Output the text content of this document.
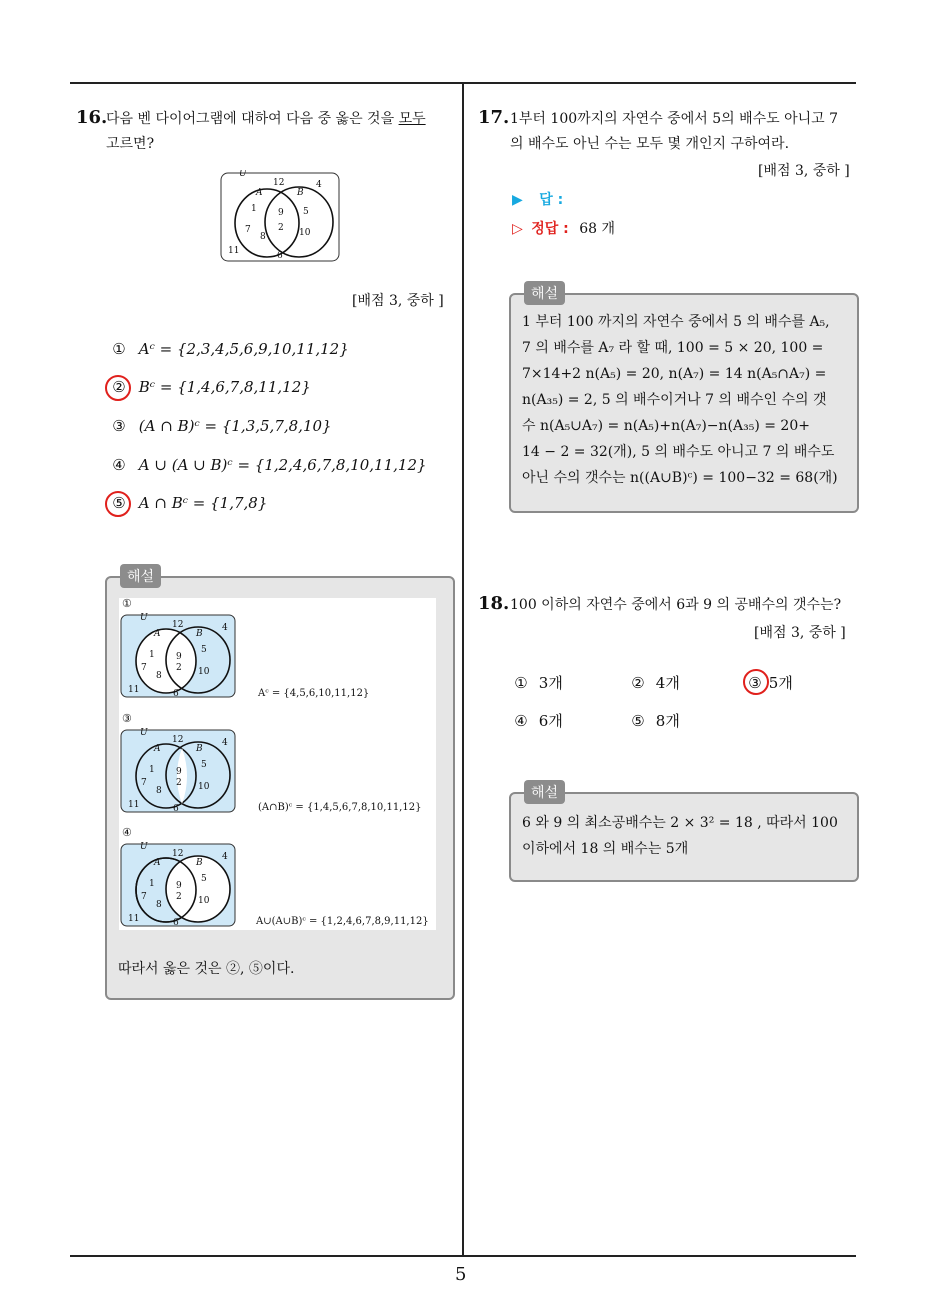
5
16.
다음 벤 다이어그램에 대하여 다음 중 옳은 것을 모두
고르면?
U
A	B
12	4
1
7
8
9
2
5
10
11	6
[배점 3, 중하 ]
① Aᶜ = {2,3,4,5,6,9,10,11,12}
② Bᶜ = {1,4,6,7,8,11,12}
③ (A ∩ B)ᶜ = {1,3,5,7,8,10}
④ A ∪ (A ∪ B)ᶜ = {1,2,4,6,7,8,10,11,12}
⑤ A ∩ Bᶜ = {1,7,8}
해설
①
U
A	B
12	4
1
7
8
9
2
5
10
11	6	Aᶜ = {4,5,6,10,11,12}
③
U
A	B
12	4
1
7
8
9
2
5
10
11	6	(A∩B)ᶜ = {1,4,5,6,7,8,10,11,12}
④
U
A	B
12	4
1
7
8
9
2
5
10
11	6	A∪(A∪B)ᶜ = {1,2,4,6,7,8,9,11,12}
따라서 옳은 것은 ②, ⑤이다.
17. 1부터 100까지의 자연수 중에서 5의 배수도 아니고 7
의 배수도 아닌 수는 모두 몇 개인지 구하여라.
[배점 3, 중하 ]
▶ 답 :
▷ 정답 : 68 개
해설
1 부터 100 까지의 자연수 중에서 5 의 배수를 A₅,
7 의 배수를 A₇ 라 할 때, 100 = 5 × 20, 100 =
7×14+2 n(A₅) = 20, n(A₇) = 14 n(A₅∩A₇) =
n(A₃₅) = 2, 5 의 배수이거나 7 의 배수인 수의 갯
수 n(A₅∪A₇) = n(A₅)+n(A₇)−n(A₃₅) = 20+
14 − 2 = 32(개), 5 의 배수도 아니고 7 의 배수도
아닌 수의 갯수는 n((A∪B)ᶜ) = 100−32 = 68(개)
18. 100 이하의 자연수 중에서 6과 9 의 공배수의 갯수는?
[배점 3, 중하 ]
① 3개	② 4개	③ 5개
④ 6개	⑤ 8개
해설
6 와 9 의 최소공배수는 2 × 3² = 18 , 따라서 100
이하에서 18 의 배수는 5개
